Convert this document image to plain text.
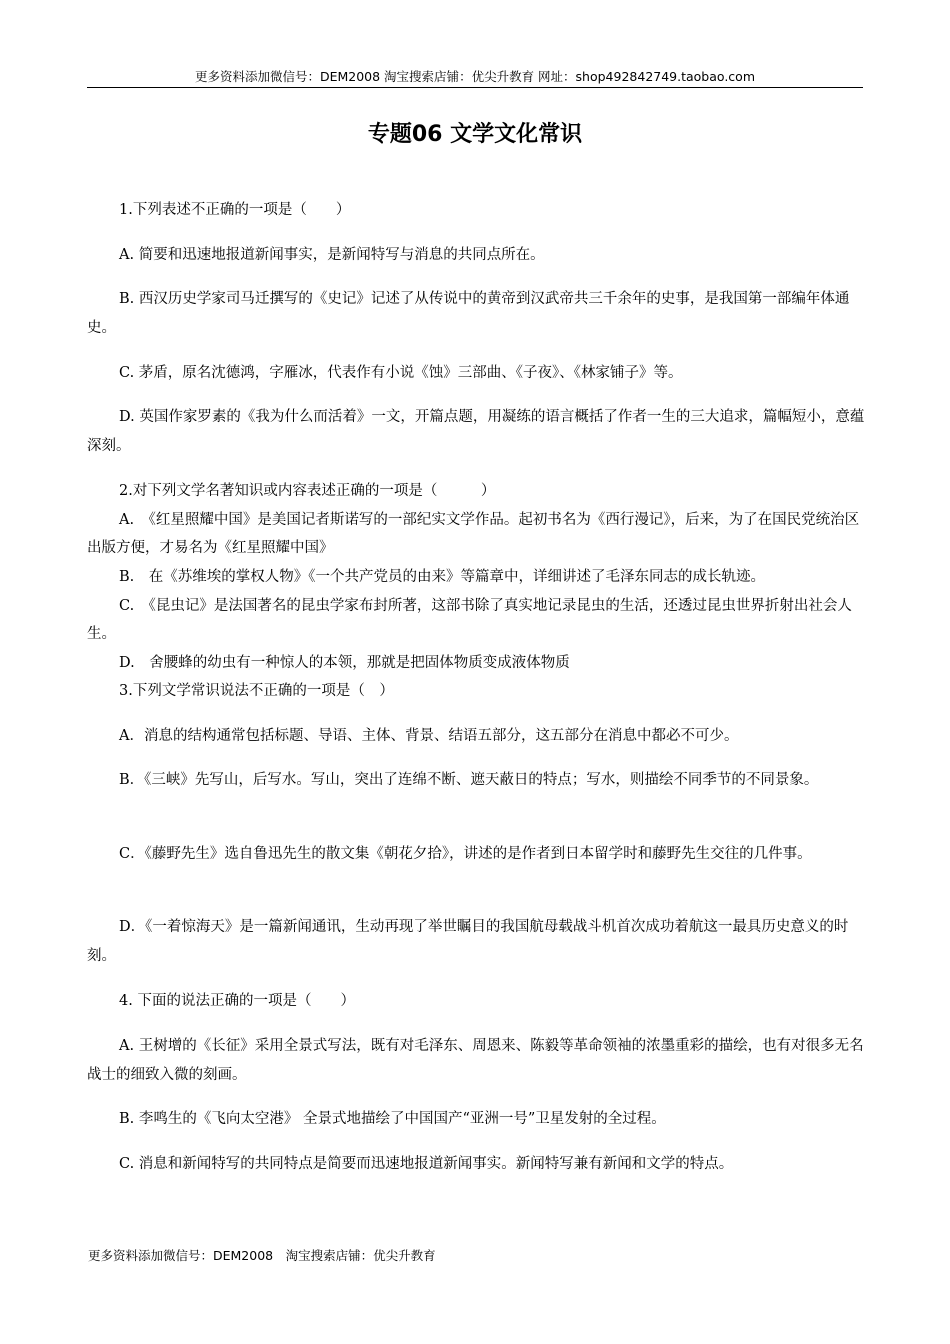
更多资料添加微信号：DEM2008 淘宝搜索店铺：优尖升教育 网址：shop492842749.taobao.com
专题06 文学文化常识
1.下列表述不正确的一项是（　　）
A. 简要和迅速地报道新闻事实，是新闻特写与消息的共同点所在。
B. 西汉历史学家司马迁撰写的《史记》记述了从传说中的黄帝到汉武帝共三千余年的史事，是我国第一部编年体通史。
C. 茅盾，原名沈德鸿，字雁冰，代表作有小说《蚀》三部曲、《子夜》、《林家铺子》等。
D. 英国作家罗素的《我为什么而活着》一文，开篇点题，用凝练的语言概括了作者一生的三大追求，篇幅短小，意蕴深刻。
2.对下列文学名著知识或内容表述正确的一项是（　　　）
A.　《红星照耀中国》是美国记者斯诺写的一部纪实文学作品。起初书名为《西行漫记》，后来，为了在国民党统治区出版方便，才易名为《红星照耀中国》
B.　在《苏维埃的掌权人物》《一个共产党员的由来》等篇章中，详细讲述了毛泽东同志的成长轨迹。
C.　《昆虫记》是法国著名的昆虫学家布封所著，这部书除了真实地记录昆虫的生活，还透过昆虫世界折射出社会人生。
D.　舍腰蜂的幼虫有一种惊人的本领，那就是把固体物质变成液体物质
3.下列文学常识说法不正确的一项是（　）
A．消息的结构通常包括标题、导语、主体、背景、结语五部分，这五部分在消息中都必不可少。
B．《三峡》先写山，后写水。写山，突出了连绵不断、遮天蔽日的特点；写水，则描绘不同季节的不同景象。
C．《藤野先生》选自鲁迅先生的散文集《朝花夕拾》，讲述的是作者到日本留学时和藤野先生交往的几件事。
D．《一着惊海天》是一篇新闻通讯，生动再现了举世瞩目的我国航母载战斗机首次成功着航这一最具历史意义的时刻。
4. 下面的说法正确的一项是（　　）
A. 王树增的《长征》采用全景式写法，既有对毛泽东、周恩来、陈毅等革命领袖的浓墨重彩的描绘，也有对很多无名战士的细致入微的刻画。
B. 李鸣生的《飞向太空港》 全景式地描绘了中国国产“亚洲一号”卫星发射的全过程。
C. 消息和新闻特写的共同特点是简要而迅速地报道新闻事实。新闻特写兼有新闻和文学的特点。
更多资料添加微信号：DEM2008　淘宝搜索店铺：优尖升教育
